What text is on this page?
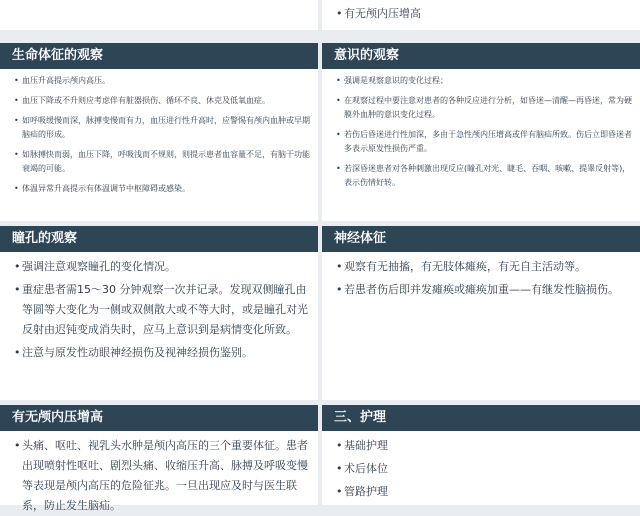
• 有无颅内压增高
生命体征的观察
• 血压升高提示颅内高压。
• 血压下降或不升则应考虑伴有脏器损伤、循环不良、休克及低氧血症。
• 如呼吸缓慢而深，脉搏变慢而有力，血压进行性升高时，应警惕有颅内血肿或早期脑疝的形成。
• 如脉搏快而弱，血压下降，呼吸浅而不规则，则提示患者血容量不足，有脑干功能衰竭的可能。
• 体温异常升高提示有体温调节中枢障碍或感染。
意识的观察
• 强调是观察意识的变化过程；
• 在观察过程中要注意对患者的各种反应进行分析，如昏迷—清醒—再昏迷，常为硬膜外血肿的意识变化过程。
• 若伤后昏迷进行性加深，多由于急性颅内压增高或伴有脑疝所致。伤后立即昏迷者多表示原发性损伤严重。
• 若深昏迷患者对各种刺激出现反应(瞳孔对光、睫毛、吞咽、咳嗽、提睾反射等)，表示伤情好转。
瞳孔的观察
• 强调注意观察瞳孔的变化情况。
• 重症患者需15～30 分钟观察一次并记录。发现双侧瞳孔由等圆等大变化为一侧或双侧散大或不等大时，或是瞳孔对光反射由迟钝变成消失时，应马上意识到是病情变化所致。
• 注意与原发性动眼神经损伤及视神经损伤鉴别。
神经体征
• 观察有无抽搐，有无肢体瘫痪，有无自主活动等。
• 若患者伤后即并发瘫痪或瘫痪加重——有继发性脑损伤。
有无颅内压增高
• 头痛、呕吐、视乳头水肿是颅内高压的三个重要体征。患者出现喷射性呕吐、剧烈头痛、收缩压升高、脉搏及呼吸变慢等表现是颅内高压的危险征兆。一旦出现应及时与医生联系，防止发生脑疝。
三、护理
• 基础护理
• 术后体位
• 管路护理
